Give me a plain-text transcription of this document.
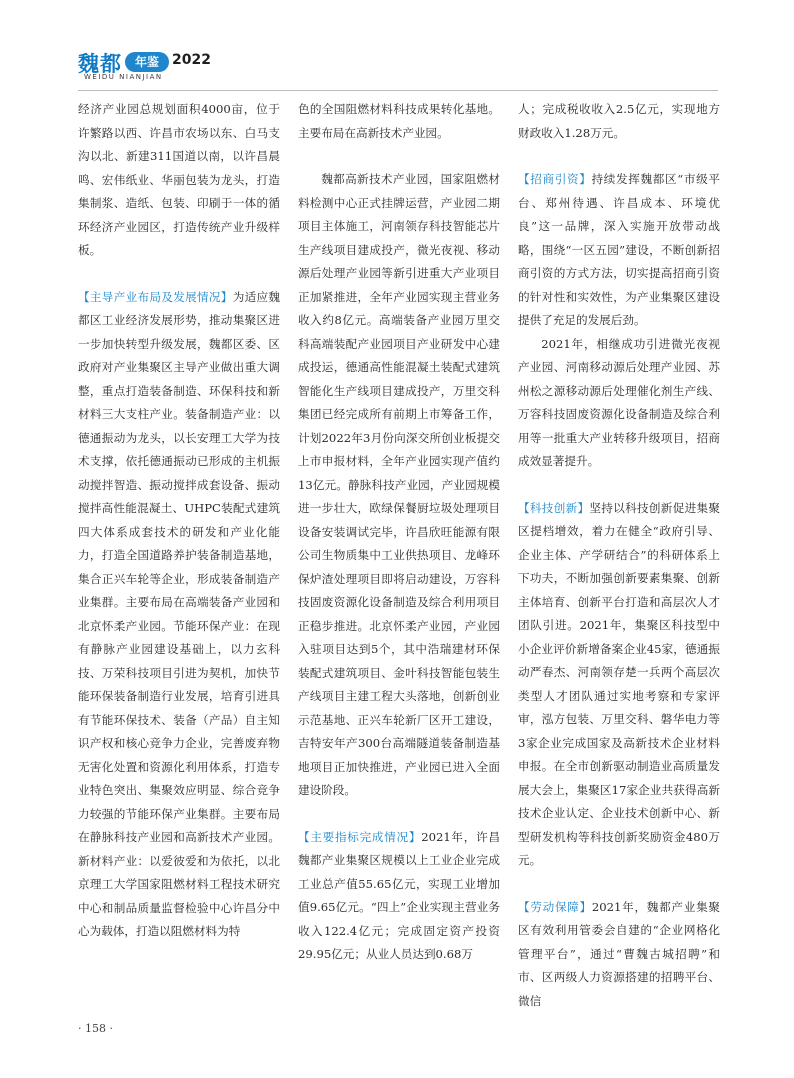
魏都	年鉴 2022
WEIDU NIANJIAN

经济产业园总规划面积4000亩，位于许繁路以西、许昌市农场以东、白马支沟以北、新建311国道以南，以许昌晨鸣、宏伟纸业、华丽包装为龙头，打造集制浆、造纸、包装、印刷于一体的循环经济产业园区，打造传统产业升级样板。

【主导产业布局及发展情况】为适应魏都区工业经济发展形势，推动集聚区进一步加快转型升级发展，魏都区委、区政府对产业集聚区主导产业做出重大调整，重点打造装备制造、环保科技和新材料三大支柱产业。装备制造产业：以德通振动为龙头，以长安理工大学为技术支撑，依托德通振动已形成的主机振动搅拌智造、振动搅拌成套设备、振动搅拌高性能混凝土、UHPC装配式建筑四大体系成套技术的研发和产业化能力，打造全国道路养护装备制造基地，集合正兴车轮等企业，形成装备制造产业集群。主要布局在高端装备产业园和北京怀柔产业园。节能环保产业：在现有静脉产业园建设基础上，以力玄科技、万荣科技项目引进为契机，加快节能环保装备制造行业发展，培育引进具有节能环保技术、装备（产品）自主知识产权和核心竞争力企业，完善废弃物无害化处置和资源化利用体系，打造专业特色突出、集聚效应明显、综合竞争力较强的节能环保产业集群。主要布局在静脉科技产业园和高新技术产业园。新材料产业：以爱彼爱和为依托，以北京理工大学国家阻燃材料工程技术研究中心和制品质量监督检验中心许昌分中心为载体，打造以阻燃材料为特

色的全国阻燃材料科技成果转化基地。主要布局在高新技术产业园。

魏都高新技术产业园，国家阻燃材料检测中心正式挂牌运营，产业园二期项目主体施工，河南领存科技智能芯片生产线项目建成投产，微光夜视、移动源后处理产业园等新引进重大产业项目正加紧推进，全年产业园实现主营业务收入约8亿元。高端装备产业园万里交科高端装配产业园项目产业研发中心建成投运，德通高性能混凝土装配式建筑智能化生产线项目建成投产，万里交科集团已经完成所有前期上市筹备工作，计划2022年3月份向深交所创业板提交上市申报材料，全年产业园实现产值约13亿元。静脉科技产业园，产业园规模进一步壮大，欧绿保餐厨垃圾处理项目设备安装调试完毕，许昌欣旺能源有限公司生物质集中工业供热项目、龙峰环保炉渣处理项目即将启动建设，万容科技固废资源化设备制造及综合利用项目正稳步推进。北京怀柔产业园，产业园入驻项目达到5个，其中浩瑞建材环保装配式建筑项目、金叶科技智能包装生产线项目主建工程大头落地，创新创业示范基地、正兴车轮新厂区开工建设，吉特安年产300台高端隧道装备制造基地项目正加快推进，产业园已进入全面建设阶段。

【主要指标完成情况】2021年，许昌魏都产业集聚区规模以上工业企业完成工业总产值55.65亿元，实现工业增加值9.65亿元。“四上”企业实现主营业务收入122.4亿元；完成固定资产投资29.95亿元；从业人员达到0.68万

人；完成税收收入2.5亿元，实现地方财政收入1.28万元。

【招商引资】持续发挥魏都区“市级平台、郑州待遇、许昌成本、环境优良”这一品牌，深入实施开放带动战略，围绕“一区五园”建设，不断创新招商引资的方式方法，切实提高招商引资的针对性和实效性，为产业集聚区建设提供了充足的发展后劲。

2021年，相继成功引进微光夜视产业园、河南移动源后处理产业园、苏州松之源移动源后处理催化剂生产线、万容科技固废资源化设备制造及综合利用等一批重大产业转移升级项目，招商成效显著提升。

【科技创新】坚持以科技创新促进集聚区提档增效，着力在健全“政府引导、企业主体、产学研结合”的科研体系上下功夫，不断加强创新要素集聚、创新主体培育、创新平台打造和高层次人才团队引进。2021年，集聚区科技型中小企业评价新增备案企业45家，德通振动严春杰、河南领存楚一兵两个高层次类型人才团队通过实地考察和专家评审，泓方包装、万里交科、磐华电力等3家企业完成国家及高新技术企业材料申报。在全市创新驱动制造业高质量发展大会上，集聚区17家企业共获得高新技术企业认定、企业技术创新中心、新型研发机构等科技创新奖励资金480万元。

【劳动保障】2021年，魏都产业集聚区有效利用管委会自建的“企业网格化管理平台”，通过“曹魏古城招聘”和市、区两级人力资源搭建的招聘平台、微信

· 158 ·
